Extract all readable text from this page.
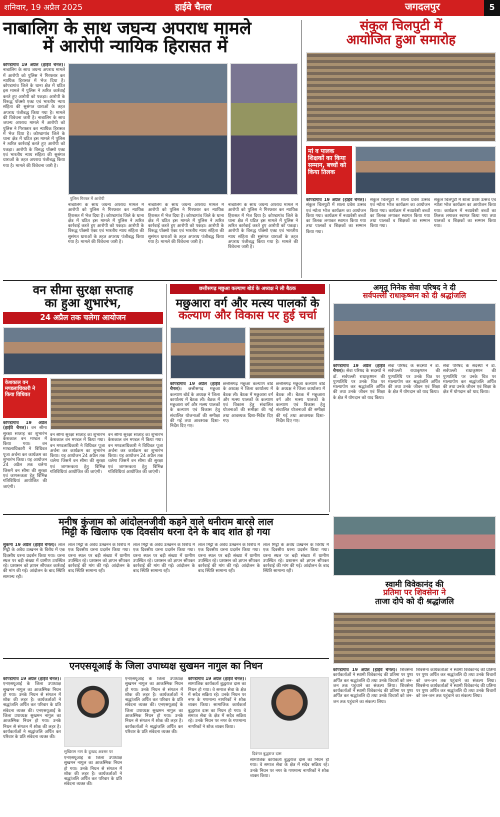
शनिवार, 19 अप्रैल 2025	हाईवे चैनल	जगदलपुर	5
नाबालिग के साथ जघन्य अपराध मामले
में आरोपी न्यायिक हिरासत में
कोण्डागांव 19 अप्रैल (हाईवे चैनल)। नाबालिग के साथ जघन्य अपराध मामले में आरोपी को पुलिस ने गिरफ्तार कर न्यायिक हिरासत में भेज दिया है। कोण्डागांव जिले के थाना क्षेत्र में घटित इस मामले में पुलिस ने त्वरित कार्रवाई करते हुए आरोपी को पकड़ा। आरोपी के विरुद्ध पॉक्सो एक्ट एवं भारतीय न्याय संहिता की सुसंगत धाराओं के तहत अपराध पंजीबद्ध किया गया है। मामले की विवेचना जारी है। नाबालिग के साथ जघन्य अपराध मामले में आरोपी को पुलिस ने गिरफ्तार कर न्यायिक हिरासत में भेज दिया है। कोण्डागांव जिले के थाना क्षेत्र में घटित इस मामले में पुलिस ने त्वरित कार्रवाई करते हुए आरोपी को पकड़ा। आरोपी के विरुद्ध पॉक्सो एक्ट एवं भारतीय न्याय संहिता की सुसंगत धाराओं के तहत अपराध पंजीबद्ध किया गया है। मामले की विवेचना जारी है।
पुलिस गिरफ्त में आरोपी
नाबालिग के साथ जघन्य अपराध मामले में आरोपी को पुलिस ने गिरफ्तार कर न्यायिक हिरासत में भेज दिया है। कोण्डागांव जिले के थाना क्षेत्र में घटित इस मामले में पुलिस ने त्वरित कार्रवाई करते हुए आरोपी को पकड़ा। आरोपी के विरुद्ध पॉक्सो एक्ट एवं भारतीय न्याय संहिता की सुसंगत धाराओं के तहत अपराध पंजीबद्ध किया गया है। मामले की विवेचना जारी है।
नाबालिग के साथ जघन्य अपराध मामले में आरोपी को पुलिस ने गिरफ्तार कर न्यायिक हिरासत में भेज दिया है। कोण्डागांव जिले के थाना क्षेत्र में घटित इस मामले में पुलिस ने त्वरित कार्रवाई करते हुए आरोपी को पकड़ा। आरोपी के विरुद्ध पॉक्सो एक्ट एवं भारतीय न्याय संहिता की सुसंगत धाराओं के तहत अपराध पंजीबद्ध किया गया है। मामले की विवेचना जारी है।
नाबालिग के साथ जघन्य अपराध मामले में आरोपी को पुलिस ने गिरफ्तार कर न्यायिक हिरासत में भेज दिया है। कोण्डागांव जिले के थाना क्षेत्र में घटित इस मामले में पुलिस ने त्वरित कार्रवाई करते हुए आरोपी को पकड़ा। आरोपी के विरुद्ध पॉक्सो एक्ट एवं भारतीय न्याय संहिता की सुसंगत धाराओं के तहत अपराध पंजीबद्ध किया गया है। मामले की विवेचना जारी है।
संकुल चिलपुटी में
आयोजित हुआ समारोह
मां व पालक शिक्षकों का किया सम्मान, बच्चों को किया तिलक
कोण्डागांव 19 अप्रैल (हाईवे चैनल)। संकुल चिलपुटी में शाला प्रवेश उत्सव एवं न्योता भोज कार्यक्रम का आयोजन किया गया। कार्यक्रम में नवप्रवेशी बच्चों का तिलक लगाकर स्वागत किया गया तथा पालकों व शिक्षकों का सम्मान किया गया।
संकुल चिलपुटी में शाला प्रवेश उत्सव एवं न्योता भोज कार्यक्रम का आयोजन किया गया। कार्यक्रम में नवप्रवेशी बच्चों का तिलक लगाकर स्वागत किया गया तथा पालकों व शिक्षकों का सम्मान किया गया।
संकुल चिलपुटी में शाला प्रवेश उत्सव एवं न्योता भोज कार्यक्रम का आयोजन किया गया। कार्यक्रम में नवप्रवेशी बच्चों का तिलक लगाकर स्वागत किया गया तथा पालकों व शिक्षकों का सम्मान किया गया।
वन सीमा सुरक्षा सप्ताह
का हुआ शुभारंभ,
24 अप्रैल तक चलेगा आयोजन
केशकाल वन मण्डलाधिकारी ने किया विधिवत
कोण्डागांव 19 अप्रैल (हाईवे चैनल)। वन सीमा सुरक्षा सप्ताह का शुभारंभ केशकाल वन मण्डल में किया गया। वन मण्डलाधिकारी ने विधिवत पूजा अर्चना कर कार्यक्रम का शुभारंभ किया। यह आयोजन 24 अप्रैल तक चलेगा जिसमें वन सीमा की सुरक्षा एवं जागरूकता हेतु विभिन्न गतिविधियां आयोजित की जाएंगी।
वन सीमा सुरक्षा सप्ताह का शुभारंभ केशकाल वन मण्डल में किया गया। वन मण्डलाधिकारी ने विधिवत पूजा अर्चना कर कार्यक्रम का शुभारंभ किया। यह आयोजन 24 अप्रैल तक चलेगा जिसमें वन सीमा की सुरक्षा एवं जागरूकता हेतु विभिन्न गतिविधियां आयोजित की जाएंगी।
वन सीमा सुरक्षा सप्ताह का शुभारंभ केशकाल वन मण्डल में किया गया। वन मण्डलाधिकारी ने विधिवत पूजा अर्चना कर कार्यक्रम का शुभारंभ किया। यह आयोजन 24 अप्रैल तक चलेगा जिसमें वन सीमा की सुरक्षा एवं जागरूकता हेतु विभिन्न गतिविधियां आयोजित की जाएंगी।
छत्तीसगढ़ मछुआ कल्याण बोर्ड के अध्यक्ष ने ली बैठक
मछुआरा वर्ग और मत्स्य पालकों के
कल्याण और विकास पर हुई चर्चा
कोण्डागांव 19 अप्रैल (हाईवे चैनल)। छत्तीसगढ़ मछुआ कल्याण बोर्ड के अध्यक्ष ने जिला कार्यालय में बैठक ली। बैठक में मछुआरा वर्ग और मत्स्य पालकों के कल्याण एवं विकास हेतु संचालित योजनाओं की समीक्षा की गई तथा आवश्यक दिशा-निर्देश दिए गए।
छत्तीसगढ़ मछुआ कल्याण बोर्ड के अध्यक्ष ने जिला कार्यालय में बैठक ली। बैठक में मछुआरा वर्ग और मत्स्य पालकों के कल्याण एवं विकास हेतु संचालित योजनाओं की समीक्षा की गई तथा आवश्यक दिशा-निर्देश दिए गए।
छत्तीसगढ़ मछुआ कल्याण बोर्ड के अध्यक्ष ने जिला कार्यालय में बैठक ली। बैठक में मछुआरा वर्ग और मत्स्य पालकों के कल्याण एवं विकास हेतु संचालित योजनाओं की समीक्षा की गई तथा आवश्यक दिशा-निर्देश दिए गए।
अमृतू निनेक सेवा परिषद ने दी
सर्वपल्ली राधाकृष्णन को दी श्रद्धांजलि
कोण्डागांव 19 अप्रैल (हाईवे चैनल)। सेवा परिषद के सदस्यों ने डॉ. सर्वपल्ली राधाकृष्णन की पुण्यतिथि पर उनके चित्र पर माल्यार्पण कर श्रद्धांजलि अर्पित की तथा उनके जीवन एवं शिक्षा के क्षेत्र में योगदान को याद किया।
सेवा परिषद के सदस्यों ने डॉ. सर्वपल्ली राधाकृष्णन की पुण्यतिथि पर उनके चित्र पर माल्यार्पण कर श्रद्धांजलि अर्पित की तथा उनके जीवन एवं शिक्षा के क्षेत्र में योगदान को याद किया।
सेवा परिषद के सदस्यों ने डॉ. सर्वपल्ली राधाकृष्णन की पुण्यतिथि पर उनके चित्र पर माल्यार्पण कर श्रद्धांजलि अर्पित की तथा उनके जीवन एवं शिक्षा के क्षेत्र में योगदान को याद किया।
मनीष कुंजाम को आंदोलनजीवी कहने वाले धनीराम बारसे लाल
मिट्टी के खिलाफ एक दिवसीय धरना देने के बाद शांत हो गया
सुकमा 19 अप्रैल (हाईवे चैनल)। लाल मिट्टी के अवैध उत्खनन के विरोध में एक दिवसीय धरना प्रदर्शन किया गया। धरना स्थल पर बड़ी संख्या में ग्रामीण उपस्थित रहे। प्रशासन को ज्ञापन सौंपकर कार्रवाई की मांग की गई। आंदोलन के बाद स्थिति सामान्य रही।
लाल मिट्टी के अवैध उत्खनन के विरोध में एक दिवसीय धरना प्रदर्शन किया गया। धरना स्थल पर बड़ी संख्या में ग्रामीण उपस्थित रहे। प्रशासन को ज्ञापन सौंपकर कार्रवाई की मांग की गई। आंदोलन के बाद स्थिति सामान्य रही।
लाल मिट्टी के अवैध उत्खनन के विरोध में एक दिवसीय धरना प्रदर्शन किया गया। धरना स्थल पर बड़ी संख्या में ग्रामीण उपस्थित रहे। प्रशासन को ज्ञापन सौंपकर कार्रवाई की मांग की गई। आंदोलन के बाद स्थिति सामान्य रही।
लाल मिट्टी के अवैध उत्खनन के विरोध में एक दिवसीय धरना प्रदर्शन किया गया। धरना स्थल पर बड़ी संख्या में ग्रामीण उपस्थित रहे। प्रशासन को ज्ञापन सौंपकर कार्रवाई की मांग की गई। आंदोलन के बाद स्थिति सामान्य रही।
लाल मिट्टी के अवैध उत्खनन के विरोध में एक दिवसीय धरना प्रदर्शन किया गया। धरना स्थल पर बड़ी संख्या में ग्रामीण उपस्थित रहे। प्रशासन को ज्ञापन सौंपकर कार्रवाई की मांग की गई। आंदोलन के बाद स्थिति सामान्य रही।
स्वामी विवेकानंद की
प्रतिमा पर शिवसेना ने
ताजा दोपे को दी श्रद्धांजलि
कोण्डागांव 19 अप्रैल (हाईवे चैनल)। शिवसेना कार्यकर्ताओं ने स्वामी विवेकानंद की प्रतिमा पर पुष्प अर्पित कर श्रद्धांजलि दी तथा उनके विचारों को जन-जन तक पहुंचाने का संकल्प लिया। शिवसेना कार्यकर्ताओं ने स्वामी विवेकानंद की प्रतिमा पर पुष्प अर्पित कर श्रद्धांजलि दी तथा उनके विचारों को जन-जन तक पहुंचाने का संकल्प लिया।
शिवसेना कार्यकर्ताओं ने स्वामी विवेकानंद की प्रतिमा पर पुष्प अर्पित कर श्रद्धांजलि दी तथा उनके विचारों को जन-जन तक पहुंचाने का संकल्प लिया। शिवसेना कार्यकर्ताओं ने स्वामी विवेकानंद की प्रतिमा पर पुष्प अर्पित कर श्रद्धांजलि दी तथा उनके विचारों को जन-जन तक पहुंचाने का संकल्प लिया।
एनएसयूआई के जिला उपाध्यक्ष सुखमन नागुल का निधन
कोण्डागांव 19 अप्रैल (हाईवे चैनल)। एनएसयूआई के जिला उपाध्यक्ष सुखमन नागुल का आकस्मिक निधन हो गया। उनके निधन से संगठन में शोक की लहर है। कार्यकर्ताओं ने श्रद्धांजलि अर्पित कर परिवार के प्रति संवेदना व्यक्त की। एनएसयूआई के जिला उपाध्यक्ष सुखमन नागुल का आकस्मिक निधन हो गया। उनके निधन से संगठन में शोक की लहर है। कार्यकर्ताओं ने श्रद्धांजलि अर्पित कर परिवार के प्रति संवेदना व्यक्त की।
सुखिराम नाग के दुःखद अवसर पर
एनएसयूआई के जिला उपाध्यक्ष सुखमन नागुल का आकस्मिक निधन हो गया। उनके निधन से संगठन में शोक की लहर है। कार्यकर्ताओं ने श्रद्धांजलि अर्पित कर परिवार के प्रति संवेदना व्यक्त की।
एनएसयूआई के जिला उपाध्यक्ष सुखमन नागुल का आकस्मिक निधन हो गया। उनके निधन से संगठन में शोक की लहर है। कार्यकर्ताओं ने श्रद्धांजलि अर्पित कर परिवार के प्रति संवेदना व्यक्त की। एनएसयूआई के जिला उपाध्यक्ष सुखमन नागुल का आकस्मिक निधन हो गया। उनके निधन से संगठन में शोक की लहर है। कार्यकर्ताओं ने श्रद्धांजलि अर्पित कर परिवार के प्रति संवेदना व्यक्त की।
दिवंगत बुद्धराज दास
कोण्डागांव 19 अप्रैल (हाईवे चैनल)। सामाजिक कार्यकर्ता बुद्धराज दास का निधन हो गया। वे समाज सेवा के क्षेत्र में सदैव सक्रिय रहे। उनके निधन पर नगर के गणमान्य नागरिकों ने शोक व्यक्त किया। सामाजिक कार्यकर्ता बुद्धराज दास का निधन हो गया। वे समाज सेवा के क्षेत्र में सदैव सक्रिय रहे। उनके निधन पर नगर के गणमान्य नागरिकों ने शोक व्यक्त किया।
सामाजिक कार्यकर्ता बुद्धराज दास का निधन हो गया। वे समाज सेवा के क्षेत्र में सदैव सक्रिय रहे। उनके निधन पर नगर के गणमान्य नागरिकों ने शोक व्यक्त किया।
